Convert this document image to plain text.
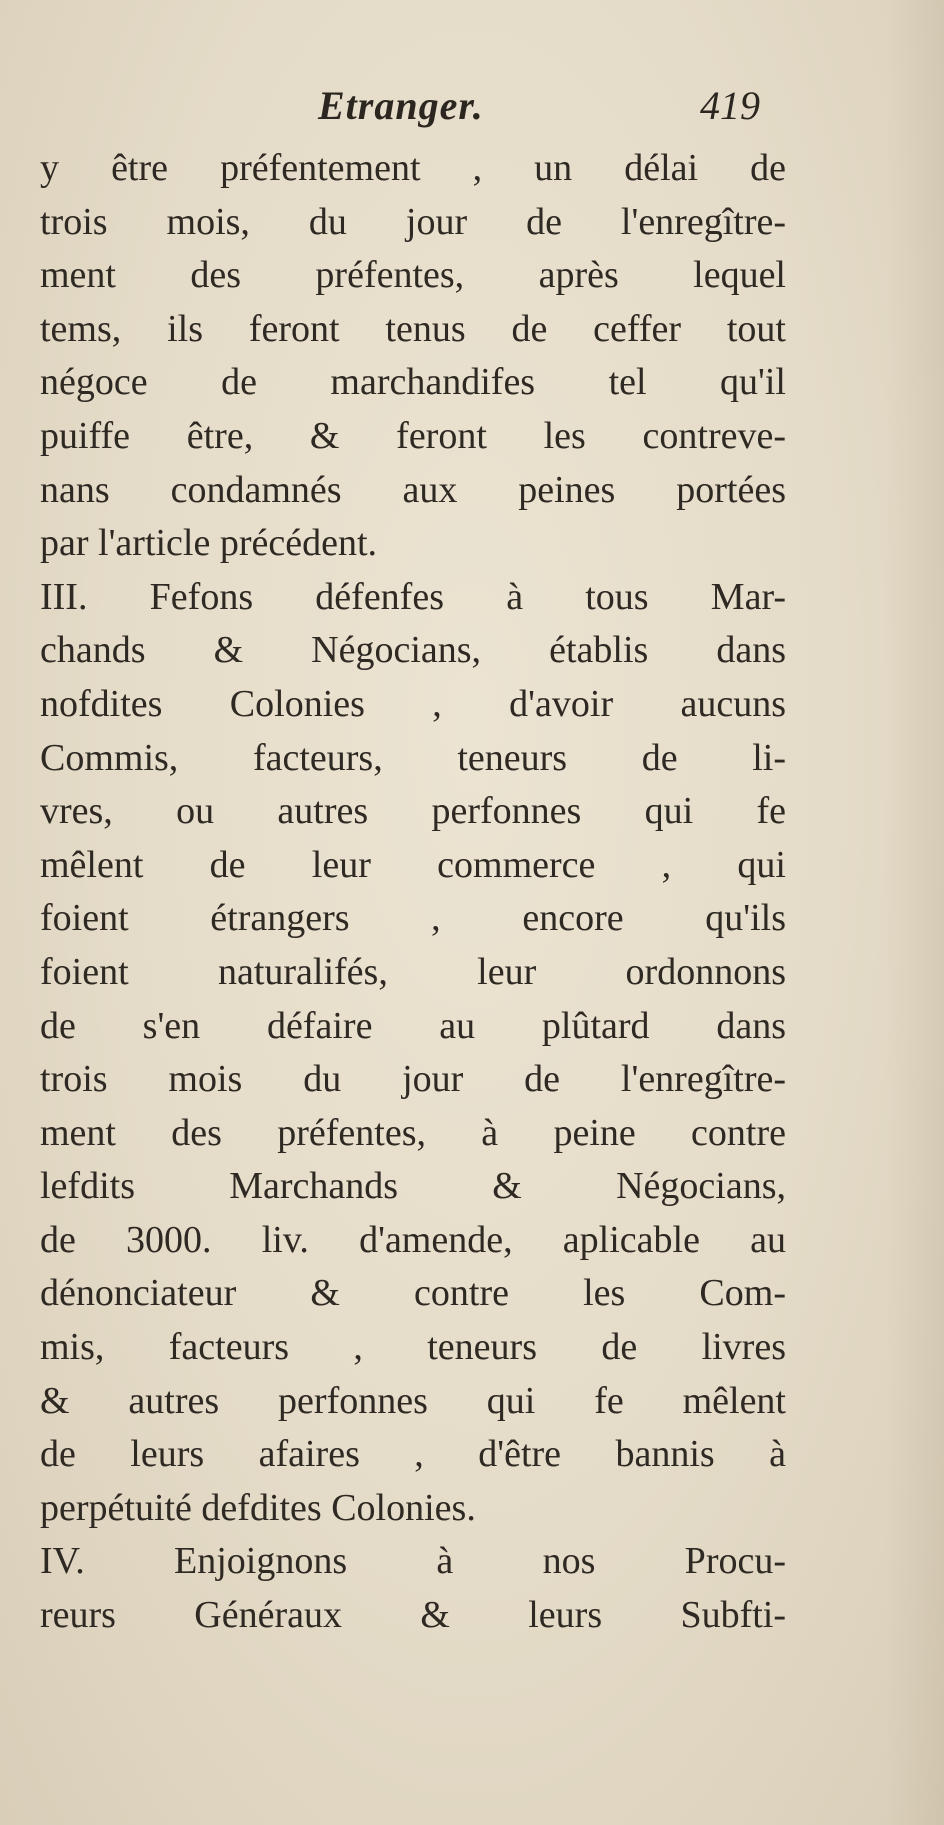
Etranger.	419
y être préfentement , un délai de
trois mois, du jour de l'enregître-
ment des préfentes, après lequel
tems, ils feront tenus de ceffer tout
négoce de marchandifes tel qu'il
puiffe être, & feront les contreve-
nans condamnés aux peines portées
par l'article précédent.
III. Fefons défenfes à tous Mar-
chands & Négocians, établis dans
nofdites Colonies , d'avoir aucuns
Commis, facteurs, teneurs de li-
vres, ou autres perfonnes qui fe
mêlent de leur commerce , qui
foient étrangers , encore qu'ils
foient naturalifés, leur ordonnons
de s'en défaire au plûtard dans
trois mois du jour de l'enregître-
ment des préfentes, à peine contre
lefdits Marchands & Négocians,
de 3000. liv. d'amende, aplicable au
dénonciateur & contre les Com-
mis, facteurs , teneurs de livres
& autres perfonnes qui fe mêlent
de leurs afaires , d'être bannis à
perpétuité defdites Colonies.
IV. Enjoignons à nos Procu-
reurs Généraux & leurs Subfti-
